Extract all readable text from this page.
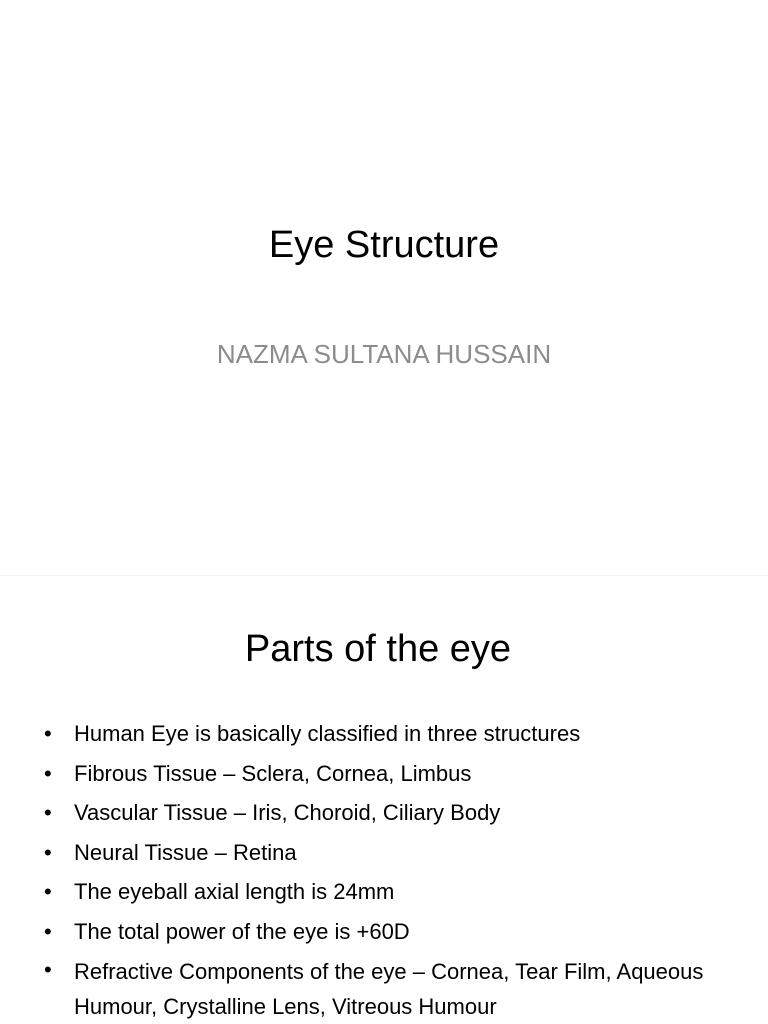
Eye Structure
NAZMA SULTANA HUSSAIN
Parts of the eye
• Human Eye is basically classified in three structures
• Fibrous Tissue – Sclera, Cornea, Limbus
• Vascular Tissue – Iris, Choroid, Ciliary Body
• Neural Tissue – Retina
• The eyeball axial length is 24mm
• The total power of the eye is +60D
• Refractive Components of the eye – Cornea, Tear Film, Aqueous Humour, Crystalline Lens, Vitreous Humour
